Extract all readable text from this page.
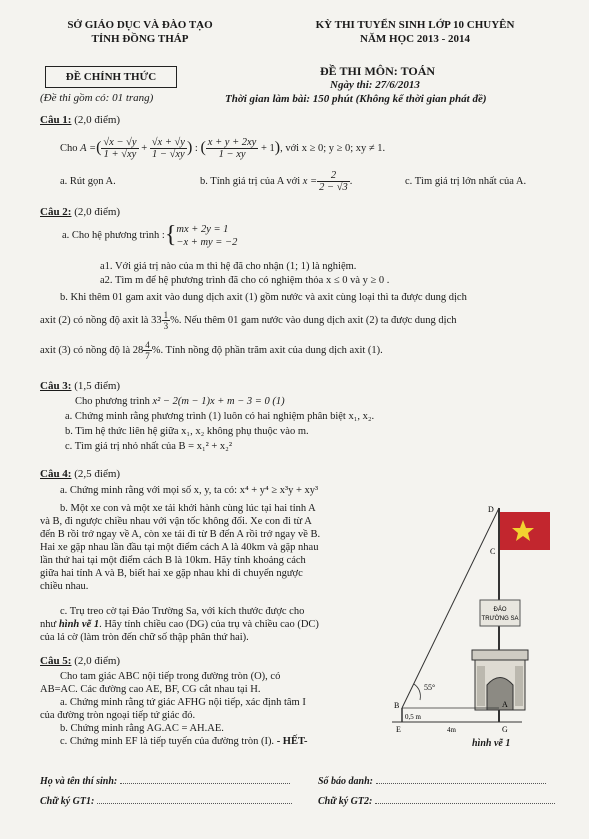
SỞ GIÁO DỤC VÀ ĐÀO TẠO
TỈNH ĐỒNG THÁP
KỲ THI TUYỂN SINH LỚP 10 CHUYÊN
NĂM HỌC 2013 - 2014
ĐỀ CHÍNH THỨC
(Đề thi gồm có: 01 trang)
ĐỀ THI MÔN: TOÁN
Ngày thi: 27/6/2013
Thời gian làm bài: 150 phút (Không kể thời gian phát đề)
Câu 1: (2,0 điểm)
Cho A = ( $\frac{√x - √y}{1 + √xy} + \frac{√x + √y}{1 - √xy}$ ) : ( $\frac{x + y + 2xy}{1 - xy} + 1$ ) , với x ≥ 0; y ≥ 0; xy ≠ 1.
a. Rút gọn A.	b. Tính giá trị của A với $x = \frac{2}{2 - √3}$ .	c. Tìm giá trị lớn nhất của A.
Câu 2: (2,0 điểm)
a. Cho hệ phương trình : { mx + 2y = 1
−x + my = −2
a1. Với giá trị nào của m thì hệ đã cho nhận (1; 1) là nghiệm.
a2. Tìm m để hệ phương trình đã cho có nghiệm thỏa x ≤ 0 và y ≥ 0 .
b. Khi thêm 01 gam axit vào dung dịch axit (1) gồm nước và axit cùng loại thì ta được dung dịch
axit (2) có nồng độ axit là $33 \frac{1}{3}$ % . Nếu thêm 01 gam nước vào dung dịch axit (2) ta được dung dịch
axit (3) có nồng độ là $28 \frac{4}{7}$ % . Tính nồng độ phần trăm axit của dung dịch axit (1).
Câu 3: (1,5 điểm)
Cho phương trình x² − 2(m − 1)x + m − 3 = 0 (1)
a. Chứng minh rằng phương trình (1) luôn có hai nghiệm phân biệt x₁, x₂.
b. Tìm hệ thức liên hệ giữa x₁, x₂ không phụ thuộc vào m.
c. Tìm giá trị nhỏ nhất của B = x₁² + x₂²
Câu 4: (2,5 điểm)
a. Chứng minh rằng với mọi số x, y, ta có: x⁴ + y⁴ ≥ x³y + xy³
b. Một xe con và một xe tải khởi hành cùng lúc tại hai tỉnh A
và B, đi ngược chiều nhau với vận tốc không đổi. Xe con đi từ A
đến B rồi trở ngay về A, còn xe tải đi từ B đến A rồi trở ngay về B.
Hai xe gặp nhau lần đầu tại một điểm cách A là 40km và gặp nhau
lần thứ hai tại một điểm cách B là 10km. Hãy tính khoảng cách
giữa hai tỉnh A và B, biết hai xe gặp nhau khi di chuyển ngược
chiều nhau.
c. Trụ treo cờ tại Đảo Trường Sa, với kích thước được cho
như hình vẽ 1. Hãy tính chiều cao (DG) của trụ và chiều cao (DC)
của lá cờ (làm tròn đến chữ số thập phân thứ hai).
Câu 5: (2,0 điểm)
Cho tam giác ABC nội tiếp trong đường tròn (O), có
AB=AC. Các đường cao AE, BF, CG cắt nhau tại H.
a. Chứng minh rằng tứ giác AFHG nội tiếp, xác định tâm I
của đường tròn ngoại tiếp tứ giác đó.
b. Chứng minh rằng AG.AC = AH.AE.
c. Chứng minh EF là tiếp tuyến của đường tròn (I). - HẾT-
ĐẢO
TRƯỜNG SA
55°
D
C
B	A
E	G
0,5 m
4m
hình vẽ 1
Họ và tên thí sinh:	Số báo danh:
Chữ ký GT1:	Chữ ký GT2:
